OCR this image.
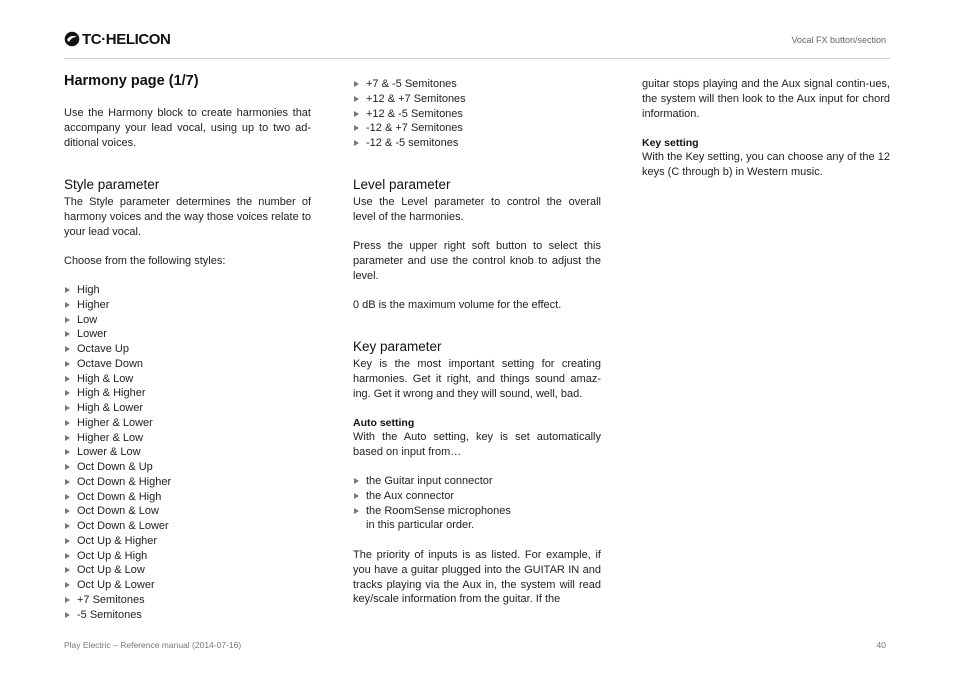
TC·HELICON	Vocal FX button/section
Harmony page (1/7)
Use the Harmony block to create harmonies that accompany your lead vocal, using up to two ad-ditional voices.
Style parameter
The Style parameter determines the number of harmony voices and the way those voices relate to your lead vocal.
Choose from the following styles:
High
Higher
Low
Lower
Octave Up
Octave Down
High & Low
High & Higher
High & Lower
Higher & Lower
Higher & Low
Lower & Low
Oct Down & Up
Oct Down & Higher
Oct Down & High
Oct Down & Low
Oct Down & Lower
Oct Up & Higher
Oct Up & High
Oct Up & Low
Oct Up & Lower
+7 Semitones
-5 Semitones
+7 & -5 Semitones
+12 & +7 Semitones
+12 & -5 Semitones
-12 & +7 Semitones
-12 & -5 semitones
Level parameter
Use the Level parameter to control the overall level of the harmonies.
Press the upper right soft button to select this parameter and use the control knob to adjust the level.
0 dB is the maximum volume for the effect.
Key parameter
Key is the most important setting for creating harmonies. Get it right, and things sound amaz-ing. Get it wrong and they will sound, well, bad.
Auto setting
With the Auto setting, key is set automatically based on input from…
the Guitar input connector
the Aux connector
the RoomSense microphones
in this particular order.
The priority of inputs is as listed. For example, if you have a guitar plugged into the GUITAR IN and tracks playing via the Aux in, the system will read key/scale information from the guitar. If the
guitar stops playing and the Aux signal contin-ues, the system will then look to the Aux input for chord information.
Key setting
With the Key setting, you can choose any of the 12 keys (C through b) in Western music.
Play Electric – Reference manual (2014-07-16)	40
